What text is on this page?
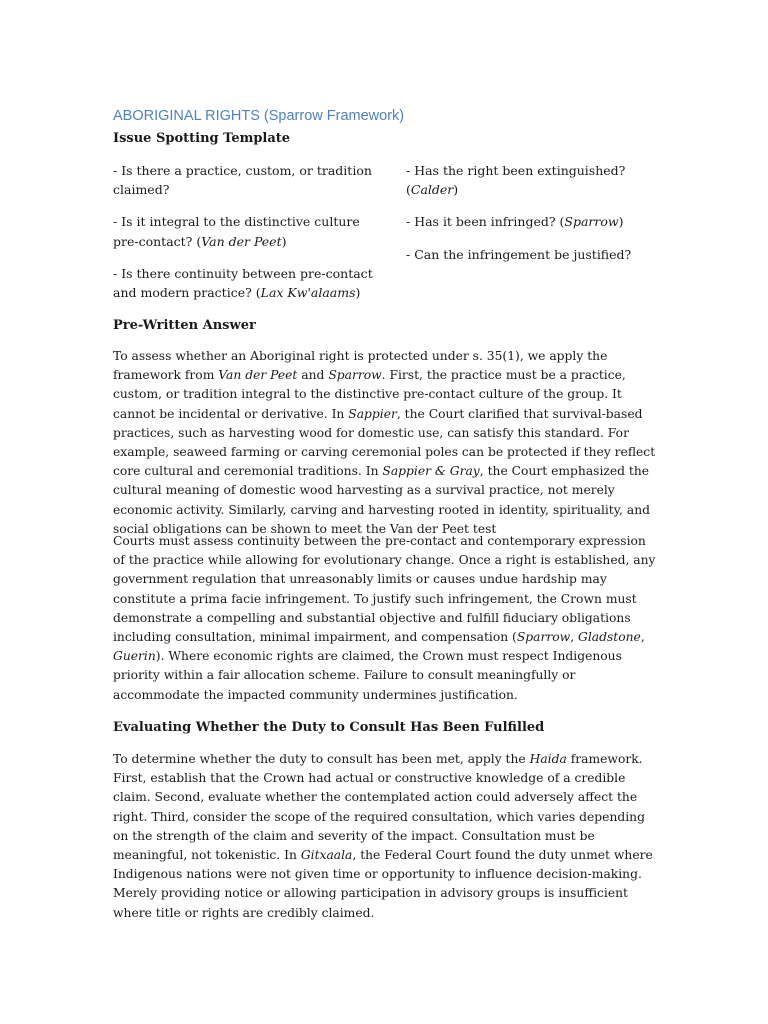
ABORIGINAL RIGHTS (Sparrow Framework)
Issue Spotting Template

- Is there a practice, custom, or tradition claimed?

- Is it integral to the distinctive culture pre-contact? (Van der Peet)

- Is there continuity between pre-contact and modern practice? (Lax Kw'alaams)

- Has the right been extinguished? (Calder)

- Has it been infringed? (Sparrow)

- Can the infringement be justified?

Pre-Written Answer

To assess whether an Aboriginal right is protected under s. 35(1), we apply the framework from Van der Peet and Sparrow. First, the practice must be a practice, custom, or tradition integral to the distinctive pre-contact culture of the group. It cannot be incidental or derivative. In Sappier, the Court clarified that survival-based practices, such as harvesting wood for domestic use, can satisfy this standard. For example, seaweed farming or carving ceremonial poles can be protected if they reflect core cultural and ceremonial traditions. In Sappier & Gray, the Court emphasized the cultural meaning of domestic wood harvesting as a survival practice, not merely economic activity. Similarly, carving and harvesting rooted in identity, spirituality, and social obligations can be shown to meet the Van der Peet test

Courts must assess continuity between the pre-contact and contemporary expression of the practice while allowing for evolutionary change. Once a right is established, any government regulation that unreasonably limits or causes undue hardship may constitute a prima facie infringement. To justify such infringement, the Crown must demonstrate a compelling and substantial objective and fulfill fiduciary obligations including consultation, minimal impairment, and compensation (Sparrow, Gladstone, Guerin). Where economic rights are claimed, the Crown must respect Indigenous priority within a fair allocation scheme. Failure to consult meaningfully or accommodate the impacted community undermines justification.

Evaluating Whether the Duty to Consult Has Been Fulfilled

To determine whether the duty to consult has been met, apply the Haida framework. First, establish that the Crown had actual or constructive knowledge of a credible claim. Second, evaluate whether the contemplated action could adversely affect the right. Third, consider the scope of the required consultation, which varies depending on the strength of the claim and severity of the impact. Consultation must be meaningful, not tokenistic. In Gitxaala, the Federal Court found the duty unmet where Indigenous nations were not given time or opportunity to influence decision-making. Merely providing notice or allowing participation in advisory groups is insufficient where title or rights are credibly claimed.
